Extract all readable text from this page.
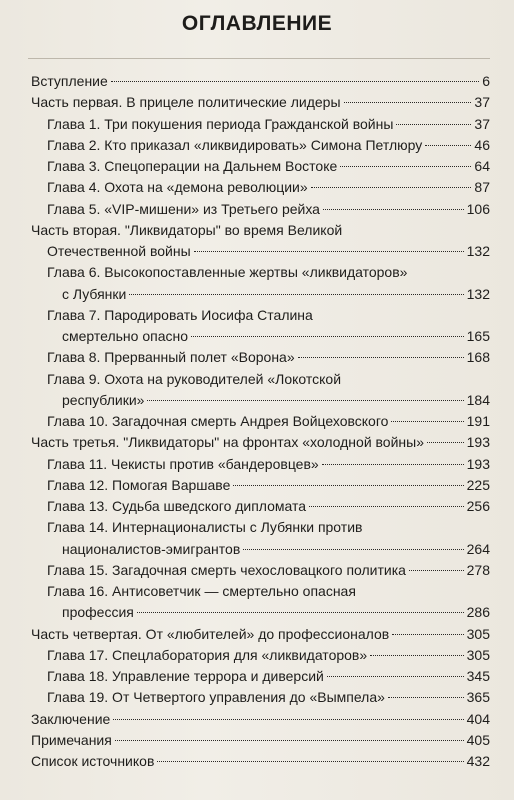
ОГЛАВЛЕНИЕ
Вступление	6
Часть первая. В прицеле политические лидеры	37
Глава 1. Три покушения периода Гражданской войны	37
Глава 2. Кто приказал «ликвидировать» Симона Петлюру	46
Глава 3. Спецоперации на Дальнем Востоке	64
Глава 4. Охота на «демона революции»	87
Глава 5. «VIP-мишени» из Третьего рейха	106
Часть вторая. "Ликвидаторы" во время Великой
Отечественной войны	132
Глава 6. Высокопоставленные жертвы «ликвидаторов»
с Лубянки	132
Глава 7. Пародировать Иосифа Сталина
смертельно опасно	165
Глава 8. Прерванный полет «Ворона»	168
Глава 9. Охота на руководителей «Локотской
республики»	184
Глава 10. Загадочная смерть Андрея Войцеховского	191
Часть третья. "Ликвидаторы" на фронтах «холодной войны»	193
Глава 11. Чекисты против «бандеровцев»	193
Глава 12. Помогая Варшаве	225
Глава 13. Судьба шведского дипломата	256
Глава 14. Интернационалисты с Лубянки против
националистов-эмигрантов	264
Глава 15. Загадочная смерть чехословацкого политика	278
Глава 16. Антисоветчик — смертельно опасная
профессия	286
Часть четвертая. От «любителей» до профессионалов	305
Глава 17. Спецлаборатория для «ликвидаторов»	305
Глава 18. Управление террора и диверсий	345
Глава 19. От Четвертого управления до «Вымпела»	365
Заключение	404
Примечания	405
Список источников	432
